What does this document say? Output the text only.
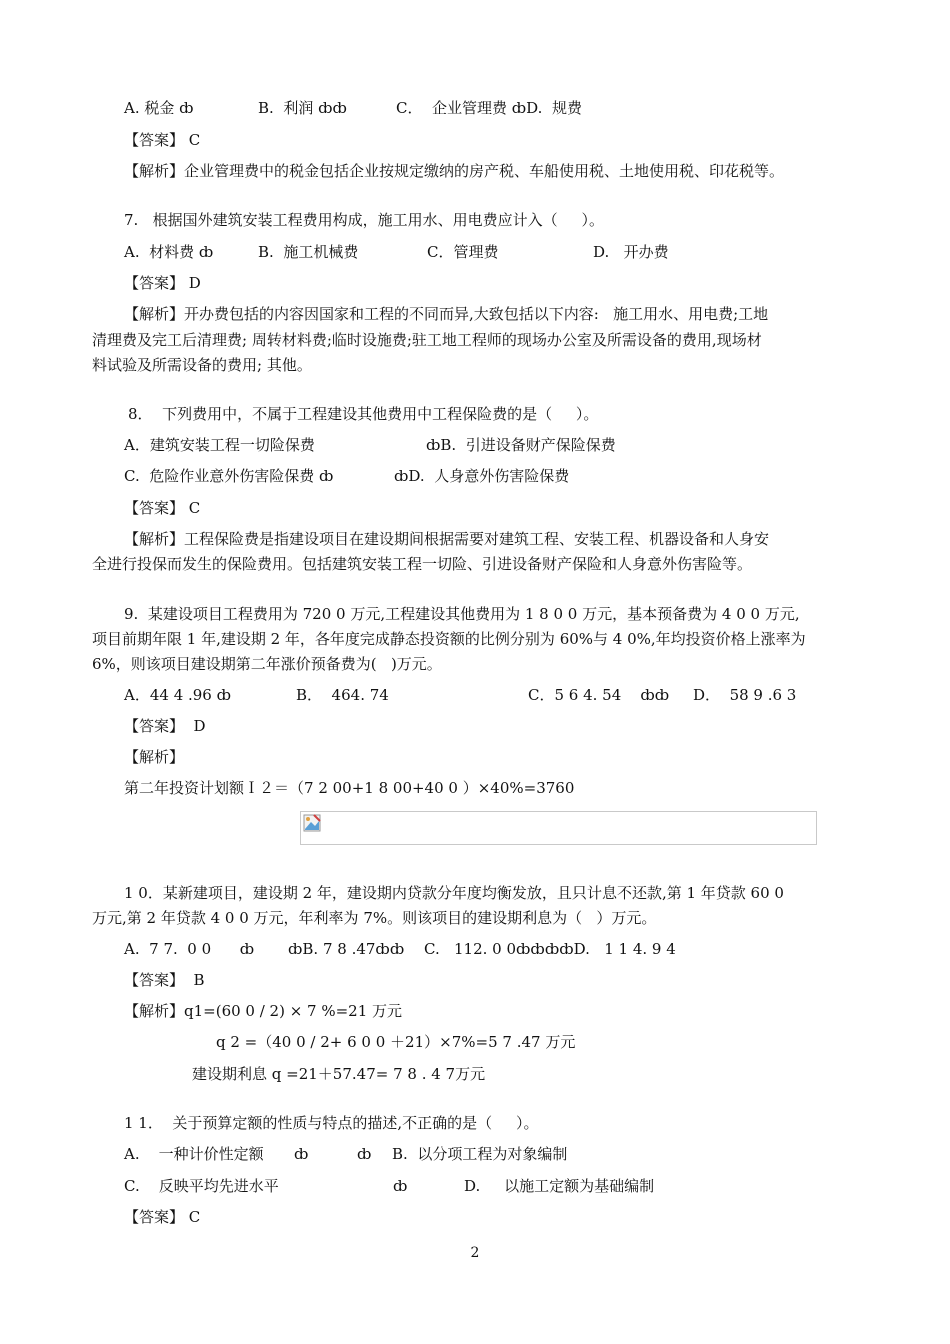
A. 税金 ȸ	B.  利润 ȸȸ	C．  企业管理费 ȸD.  规费
【答案】 C
【解析】企业管理费中的税金包括企业按规定缴纳的房产税、车船使用税、土地使用税、印花税等。
7.   根据国外建筑安装工程费用构成，施工用水、用电费应计入（     ）。
A.  材料费 ȸ	B.  施工机械费	C．管理费	D.   开办费
【答案】 D
【解析】开办费包括的内容因国家和工程的不同而异,大致包括以下内容:   施工用水、用电费;工地
清理费及完工后清理费; 周转材料费;临时设施费;驻工地工程师的现场办公室及所需设备的费用,现场材
料试验及所需设备的费用; 其他。
8．  下列费用中，不属于工程建设其他费用中工程保险费的是（     ）。
A．建筑安装工程一切险保费	ȸB.  引进设备财产保险保费
C.  危险作业意外伤害险保费 ȸ	ȸD.  人身意外伤害险保费
【答案】 C
【解析】工程保险费是指建设项目在建设期间根据需要对建筑工程、安装工程、机器设备和人身安
全进行投保而发生的保险费用。包括建筑安装工程一切险、引进设备财产保险和人身意外伤害险等。
9.  某建设项目工程费用为 720 0 万元,工程建设其他费用为 1 8 0 0 万元，基本预备费为 4 0 0 万元,
项目前期年限 1 年,建设期 2 年，各年度完成静态投资额的比例分别为 60%与 4 0%,年均投资价格上涨率为
6%，则该项目建设期第二年涨价预备费为(   )万元。
A．44 4 .96 ȸ	B．  464. 74	C．5 6 4. 54    ȸȸ D．  58 9 .6 3
【答案】  D
【解析】
第二年投资计划额Ｉ２＝（7 2 00+1 8 00+40 0 ）×40%=3760
1 0．某新建项目，建设期 2 年，建设期内贷款分年度均衡发放，且只计息不还款,第 1 年贷款 60 0
万元,第 2 年贷款 4 0 0 万元，年利率为 7%。则该项目的建设期利息为（   ）万元。
A.  7 7.  0 0      ȸ ȸB. 7 8 .47ȸȸ C.   112. 0 0ȸȸȸȸD.   1 1 4. 9 4
【答案】  B
【解析】q1=(60 0 / 2) × 7 %=21 万元
q 2 =（40 0 / 2+ 6 0 0 ＋21）×7%=5 7 .47 万元
建设期利息 q =21＋57.47= 7 8 . 4 7万元
1 1．  关于预算定额的性质与特点的描述,不正确的是（     ）。
A.    一种计价性定额 ȸ	ȸ B.  以分项工程为对象编制
C.    反映平均先进水平	ȸ	D.     以施工定额为基础编制
【答案】 C
2
